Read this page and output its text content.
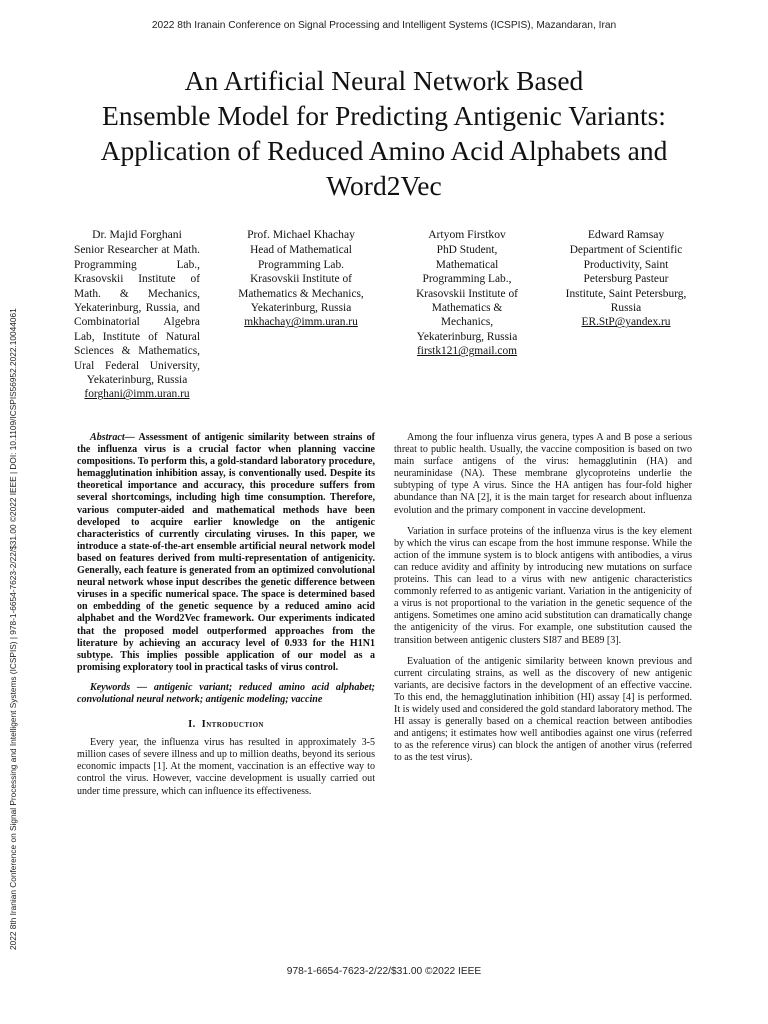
2022 8th Iranain Conference on Signal Processing and Intelligent Systems (ICSPIS), Mazandaran, Iran
2022 8th Iranian Conference on Signal Processing and Intelligent Systems (ICSPIS) | 978-1-6654-7623-2/22/$31.00 ©2022 IEEE | DOI: 10.1109/ICSPIS56952.2022.10044061
An Artificial Neural Network Based
Ensemble Model for Predicting Antigenic Variants:
Application of Reduced Amino Acid Alphabets and
Word2Vec
Dr. Majid Forghani
Senior Researcher at Math. Programming Lab., Krasovskii Institute of Math. & Mechanics, Yekaterinburg, Russia, and Combinatorial Algebra Lab, Institute of Natural Sciences & Mathematics, Ural Federal University, Yekaterinburg, Russia
forghani@imm.uran.ru
Prof. Michael Khachay
Head of Mathematical Programming Lab. Krasovskii Institute of Mathematics & Mechanics, Yekaterinburg, Russia
mkhachay@imm.uran.ru
Artyom Firstkov
PhD Student, Mathematical Programming Lab., Krasovskii Institute of Mathematics & Mechanics, Yekaterinburg, Russia
firstk121@gmail.com
Edward Ramsay
Department of Scientific Productivity, Saint Petersburg Pasteur Institute, Saint Petersburg, Russia
ER.StP@yandex.ru

Abstract— Assessment of antigenic similarity between strains of the influenza virus is a crucial factor when planning vaccine compositions. To perform this, a gold-standard laboratory procedure, hemagglutination inhibition assay, is conventionally used. Despite its theoretical importance and accuracy, this procedure suffers from several shortcomings, including high time consumption. Therefore, various computer-aided and mathematical methods have been developed to acquire earlier knowledge on the antigenic characteristics of currently circulating viruses. In this paper, we introduce a state-of-the-art ensemble artificial neural network model based on features derived from multi-representation of antigenicity. Generally, each feature is generated from an optimized convolutional neural network whose input describes the genetic difference between viruses in a specific numerical space. The space is determined based on embedding of the genetic sequence by a reduced amino acid alphabet and the Word2Vec framework. Our experiments indicated that the proposed model outperformed approaches from the literature by achieving an accuracy level of 0.933 for the H1N1 subtype. This implies possible application of our model as a promising exploratory tool in practical tasks of virus control.

Keywords — antigenic variant; reduced amino acid alphabet; convolutional neural network; antigenic modeling; vaccine

I. Introduction

Every year, the influenza virus has resulted in approximately 3-5 million cases of severe illness and up to million deaths, beyond its serious economic impacts [1]. At the moment, vaccination is an effective way to control the virus. However, vaccine development is usually carried out under time pressure, which can influence its effectiveness.

Among the four influenza virus genera, types A and B pose a serious threat to public health. Usually, the vaccine composition is based on two main surface antigens of the virus: hemagglutinin (HA) and neuraminidase (NA). These membrane glycoproteins underlie the subtyping of type A virus. Since the HA antigen has four-fold higher abundance than NA [2], it is the main target for research about influenza evolution and the primary component in vaccine development.

Variation in surface proteins of the influenza virus is the key element by which the virus can escape from the host immune response. While the action of the immune system is to block antigens with antibodies, a virus can reduce avidity and affinity by introducing new mutations on surface proteins. This can lead to a virus with new antigenic characteristics commonly referred to as antigenic variant. Variation in the antigenicity of a virus is not proportional to the variation in the genetic sequence of the antigens. Sometimes one amino acid substitution can dramatically change the antigenicity of the virus. For example, one substitution caused the transition between antigenic clusters SI87 and BE89 [3].

Evaluation of the antigenic similarity between known previous and current circulating strains, as well as the discovery of new antigenic variants, are decisive factors in the development of an effective vaccine. To this end, the hemagglutination inhibition (HI) assay [4] is performed. It is widely used and considered the gold standard laboratory method. The HI assay is generally based on a chemical reaction between antibodies and antigens; it estimates how well antibodies against one virus (referred to as the reference virus) can block the antigen of another virus (referred to as the test virus).

978-1-6654-7623-2/22/$31.00 ©2022 IEEE
